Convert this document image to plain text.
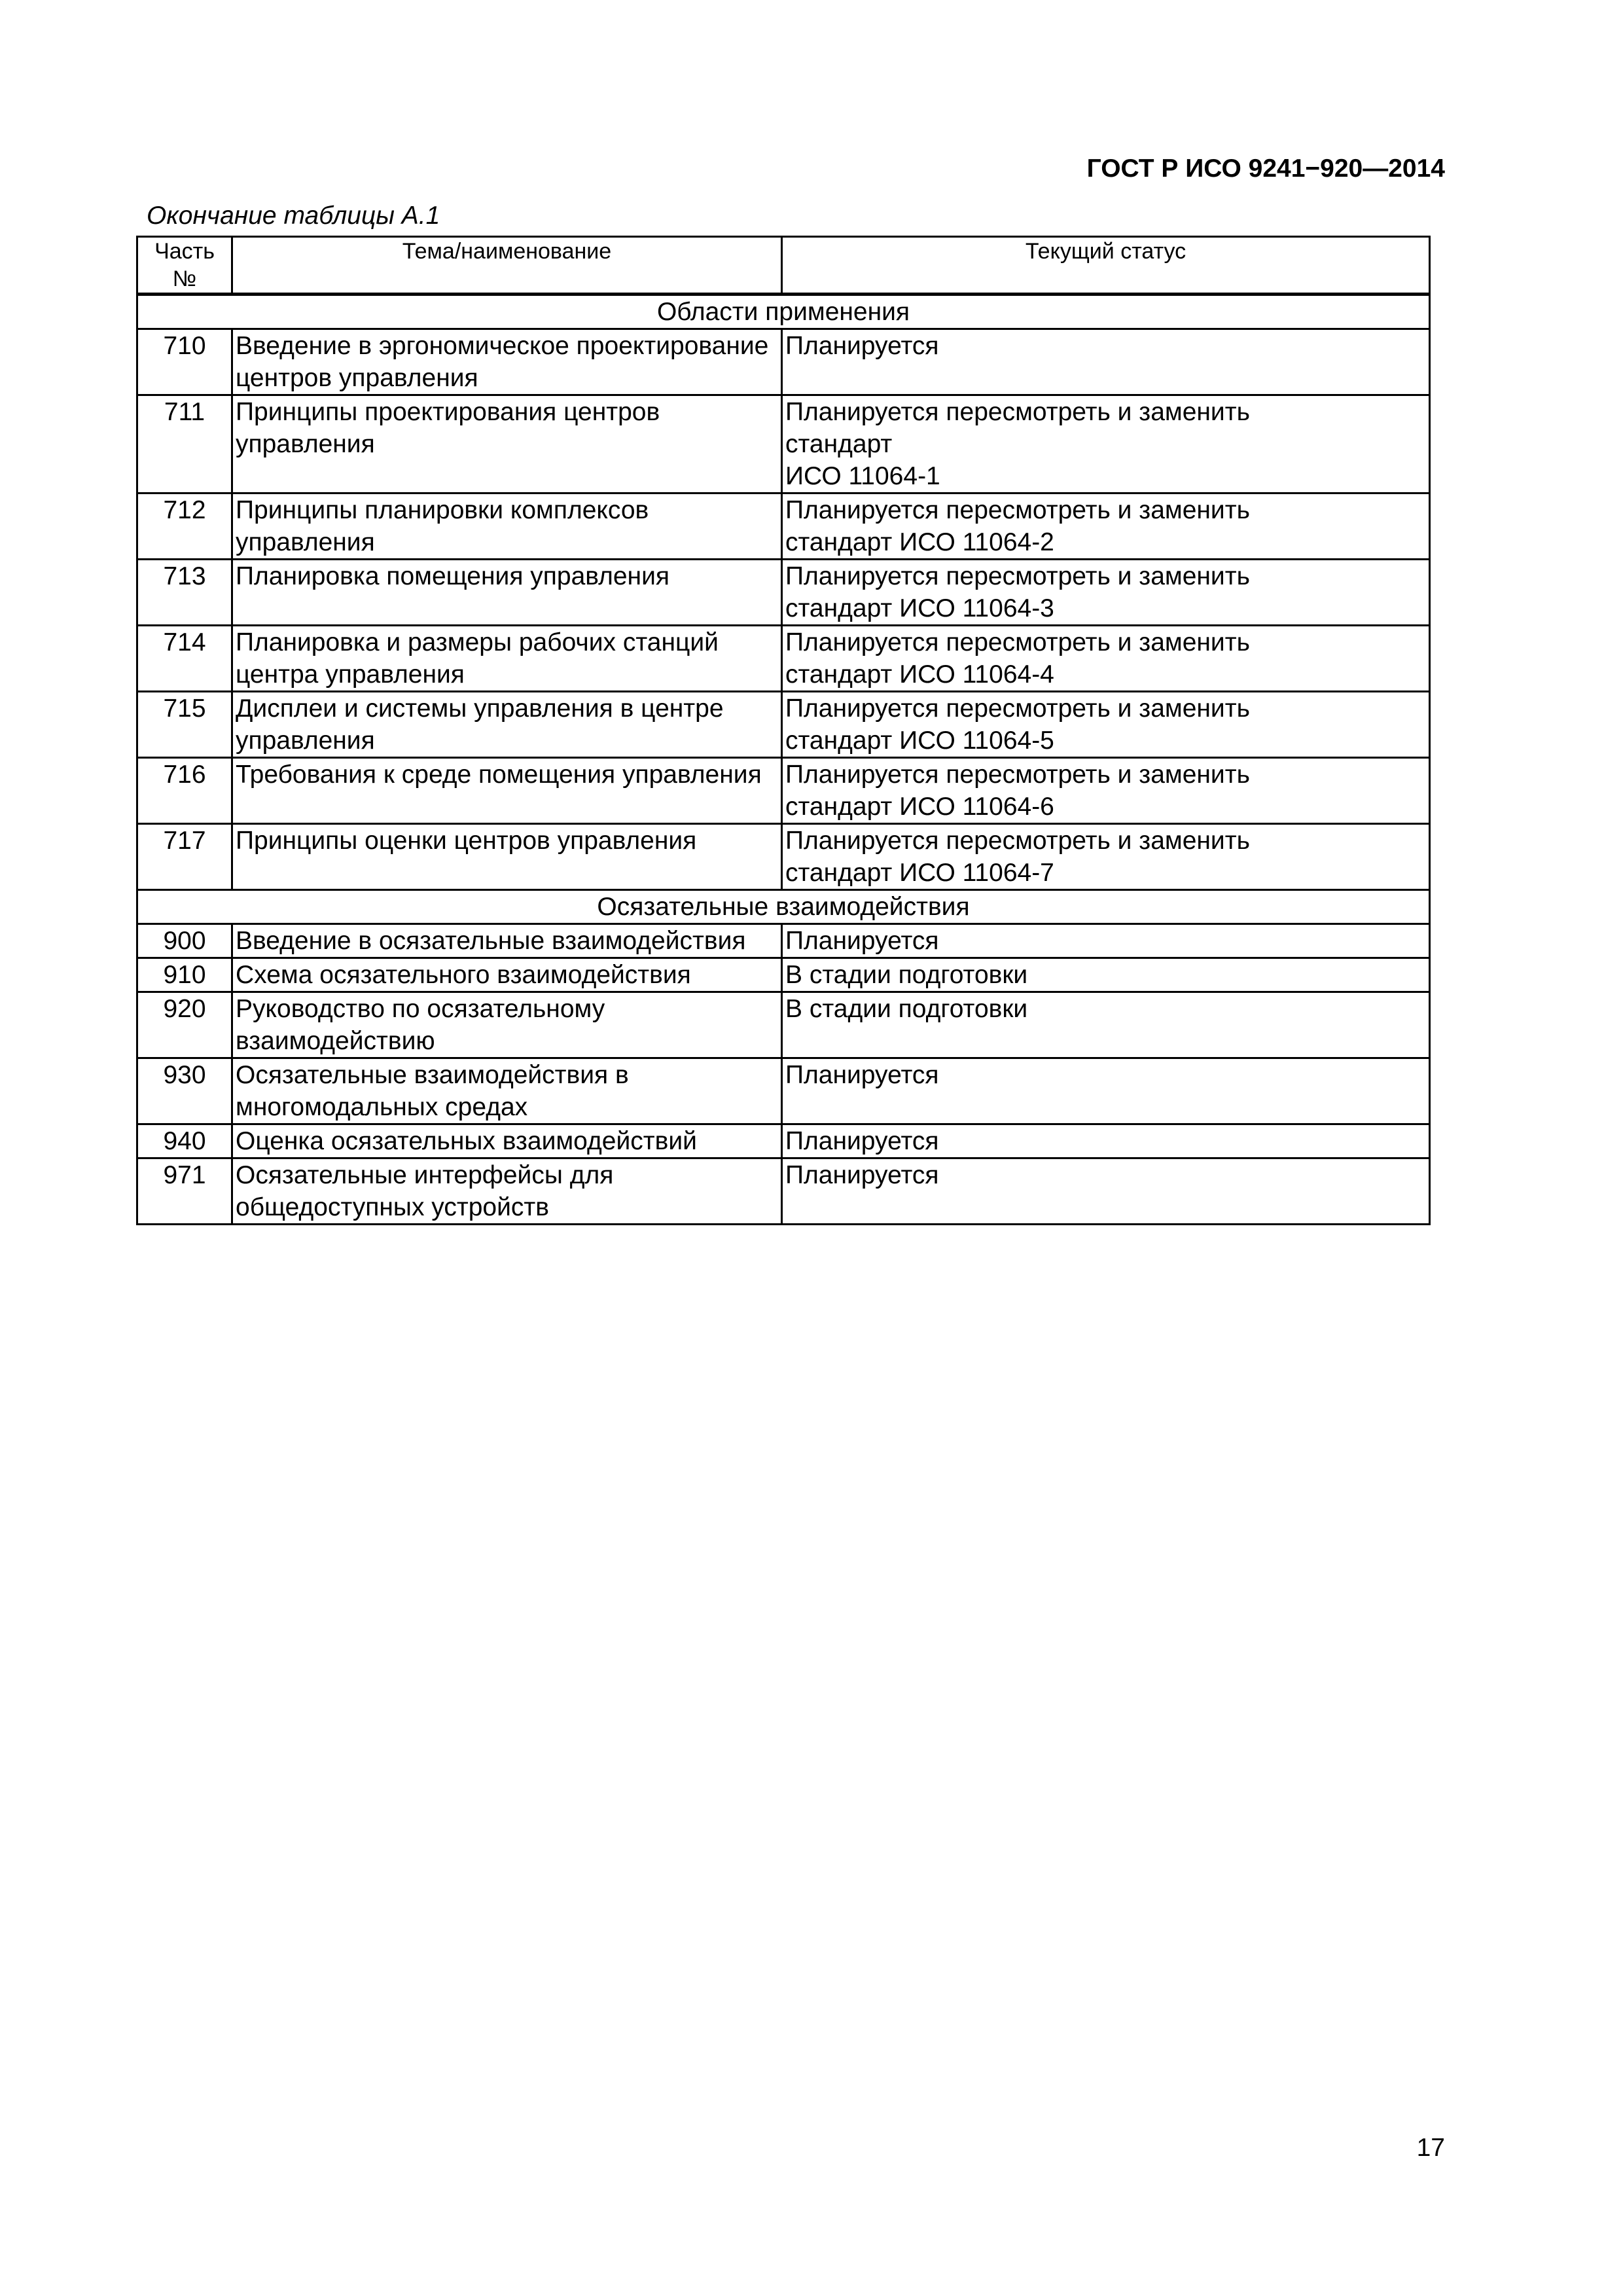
ГОСТ Р ИСО 9241−920—2014
Окончание таблицы А.1
Часть
№	Тема/наименование	Текущий статус
Области применения		
710	Введение в эргономическое проектирование центров управления	Планируется
711	Принципы проектирования центров управления	Планируется пересмотреть и заменить
стандарт
ИСО 11064-1

712	Принципы планировки комплексов управления	Планируется пересмотреть и заменить
стандарт ИСО 11064-2

713	Планировка помещения управления	Планируется пересмотреть и заменить
стандарт ИСО 11064-3

714	Планировка и размеры рабочих станций центра управления	Планируется пересмотреть и заменить
стандарт ИСО 11064-4

715	Дисплеи и системы управления в центре управления	Планируется пересмотреть и заменить
стандарт ИСО 11064-5

716	Требования к среде помещения управления	Планируется пересмотреть и заменить
стандарт ИСО 11064-6

717	Принципы оценки центров управления	Планируется пересмотреть и заменить
стандарт ИСО 11064-7

Осязательные взаимодействия		
900	Введение в осязательные взаимодействия	Планируется
910	Схема осязательного взаимодействия	В стадии подготовки
920	Руководство по осязательному взаимодействию	В стадии подготовки
930	Осязательные взаимодействия в многомодальных средах	Планируется
940	Оценка осязательных взаимодействий	Планируется
971	Осязательные интерфейсы для общедоступных устройств	Планируется
17
